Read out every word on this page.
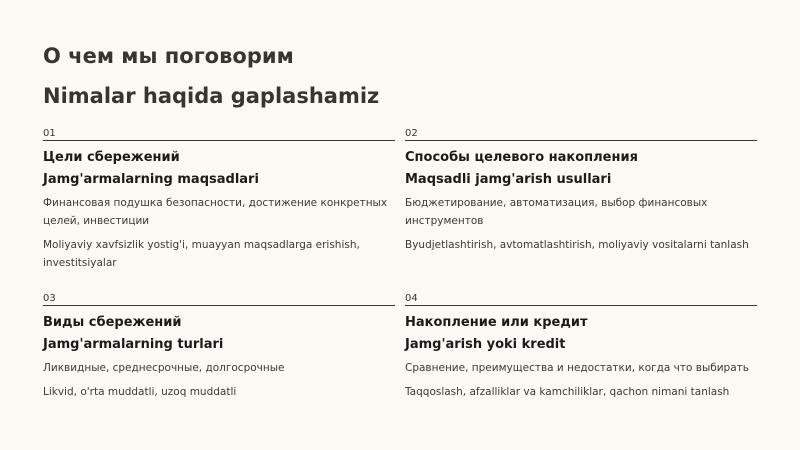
О чем мы поговорим
Nimalar haqida gaplashamiz
01
Цели сбережений
Jamg'armalarning maqsadlari
Финансовая подушка безопасности, достижение конкретных целей, инвестиции
Moliyaviy xavfsizlik yostig'i, muayyan maqsadlarga erishish, investitsiyalar
02
Способы целевого накопления
Maqsadli jamg'arish usullari
Бюджетирование, автоматизация, выбор финансовых инструментов
Byudjetlashtirish, avtomatlashtirish, moliyaviy vositalarni tanlash
03
Виды сбережений
Jamg'armalarning turlari
Ликвидные, среднесрочные, долгосрочные
Likvid, o'rta muddatli, uzoq muddatli
04
Накопление или кредит
Jamg'arish yoki kredit
Сравнение, преимущества и недостатки, когда что выбирать
Taqqoslash, afzalliklar va kamchiliklar, qachon nimani tanlash
